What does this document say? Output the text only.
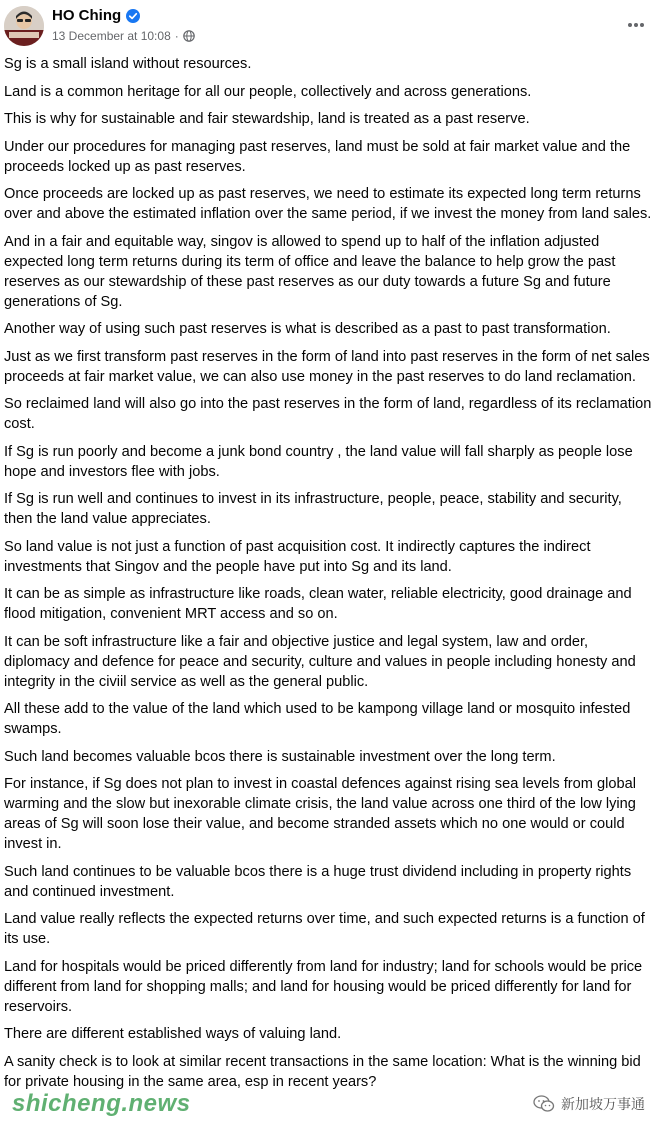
HO Ching
13 December at 10:08 ·

Sg is a small island without resources.

Land is a common heritage for all our people, collectively and across generations.

This is why for sustainable and fair stewardship, land is treated as a past reserve.

Under our procedures for managing past reserves, land must be sold at fair market value and the proceeds locked up as past reserves.

Once proceeds are locked up as past reserves, we need to estimate its expected long term returns over and above the estimated inflation over the same period, if we invest the money from land sales.

And in a fair and equitable way, singov is allowed to spend up to half of the inflation adjusted expected long term returns during its term of office and leave the balance to help grow the past reserves as our stewardship of these past reserves as our duty towards a future Sg and future generations of Sg.

Another way of using such past reserves is what is described as a past to past transformation.

Just as we first transform past reserves in the form of land into past reserves in the form of net sales proceeds at fair market value, we can also use money in the past reserves to do land reclamation.

So reclaimed land will also go into the past reserves in the form of land, regardless of its reclamation cost.

If Sg is run poorly and become a junk bond country , the land value will fall sharply as people lose hope and investors flee with jobs.

If Sg is run well and continues to invest in its infrastructure, people, peace, stability and security, then the land value appreciates.

So land value is not just a function of past acquisition cost. It indirectly captures the indirect investments that Singov and the people have put into Sg and its land.

It can be as simple as infrastructure like roads, clean water, reliable electricity, good drainage and flood mitigation, convenient MRT access and so on.

It can be soft infrastructure like a fair and objective justice and legal system, law and order, diplomacy and defence for peace and security, culture and values in people including honesty and integrity in the civiil service as well as the general public.

All these add to the value of the land which used to be kampong village land or mosquito infested swamps.

Such land becomes valuable bcos there is sustainable investment over the long term.

For instance, if Sg does not plan to invest in coastal defences against rising sea levels from global warming and the slow but inexorable climate crisis, the land value across one third of the low lying areas of Sg will soon lose their value, and become stranded assets which no one would or could invest in.

Such land continues to be valuable bcos there is a huge trust dividend including in property rights and continued investment.

Land value really reflects the expected returns over time, and such expected returns is a function of its use.

Land for hospitals would be priced differently from land for industry; land for schools would be price different from land for shopping malls; and land for housing would be priced differently for land for reservoirs.

There are different established ways of valuing land.

A sanity check is to look at similar recent transactions in the same location: What is the winning bid for private housing in the same area, esp in recent years?

shicheng.news	新加坡万事通
